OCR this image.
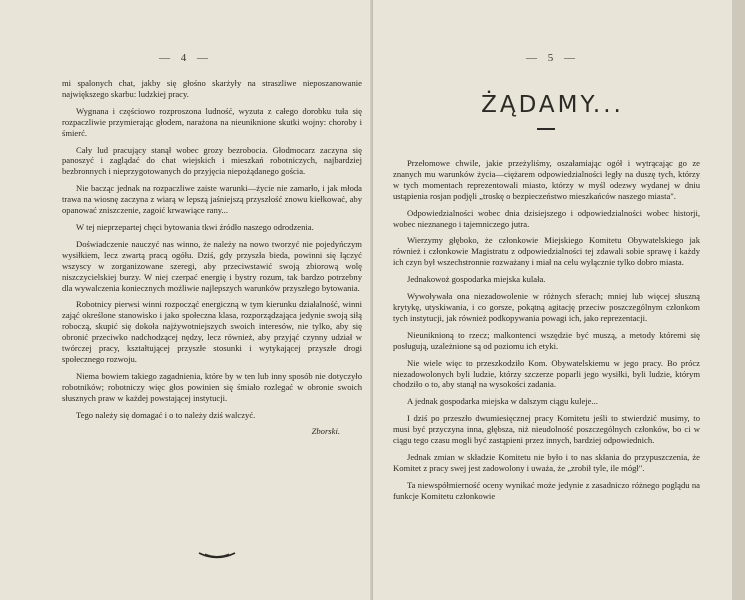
— 4 —

mi spalonych chat, jakby się głośno skarżyły na straszliwe nieposzanowanie największego skarbu: ludzkiej pracy.

Wygnana i częściowo rozproszona ludność, wyzuta z całego dorobku tuła się rozpaczliwie przymierając głodem, narażona na nieuniknione skutki wojny: choroby i śmierć.

Cały lud pracujący stanął wobec grozy bezrobocia. Głodmocarz zaczyna się panoszyć i zaglądać do chat wiejskich i mieszkań robotniczych, najbardziej bezbronnych i nieprzygotowanych do przyjęcia niepożądanego gościa.

Nie bacząc jednak na rozpaczliwe zaiste warunki—życie nie zamarło, i jak młoda trawa na wiosnę zaczyna z wiarą w lepszą jaśniejszą przyszłość znowu kiełkować, aby opanować zniszczenie, zagoić krwawiące rany...

W tej nieprzepartej chęci bytowania tkwi źródło naszego odrodzenia.

Doświadczenie nauczyć nas winno, że należy na nowo tworzyć nie pojedyńczym wysiłkiem, lecz zwartą pracą ogółu. Dziś, gdy przyszła bieda, powinni się łączyć wszyscy w zorganizowane szeregi, aby przeciwstawić swoją zbiorową wolę niszczycielskiej burzy. W niej czerpać energię i bystry rozum, tak bardzo potrzebny dla wywalczenia koniecznych możliwie najlepszych warunków przyszłego bytowania.

Robotnicy pierwsi winni rozpocząć energiczną w tym kierunku działalność, winni zająć określone stanowisko i jako społeczna klasa, rozporządzająca jedynie swoją siłą roboczą, skupić się dokoła najżywotniejszych swoich interesów, nie tylko, aby się obronić przeciwko nadchodzącej nędzy, lecz również, aby przyjąć czynny udział w twórczej pracy, kształtującej przyszłe stosunki i wytykającej przyszłe drogi społecznego rozwoju.

Niema bowiem takiego zagadnienia, które by w ten lub inny sposób nie dotyczyło robotników; robotniczy więc głos powinien się śmiało rozlegać w obronie swoich słusznych praw w każdej powstającej instytucji.

Tego należy się domagać i o to należy dziś walczyć.

Zborski.
— 5 —
ŻĄDAMY...

Przełomowe chwile, jakie przeżyliśmy, oszałamiając ogół i wytrącając go ze znanych mu warunków życia—ciężarem odpowiedzialności legły na duszę tych, którzy w tych momentach reprezentowali miasto, którzy w myśl odezwy wydanej w dniu ustąpienia rosjan podjęli „troskę o bezpieczeństwo mieszkańców naszego miasta".

Odpowiedzialności wobec dnia dzisiejszego i odpowiedzialności wobec historji, wobec nieznanego i tajemniczego jutra.

Wierzymy głęboko, że członkowie Miejskiego Komitetu Obywatelskiego jak również i członkowie Magistratu z odpowiedzialności tej zdawali sobie sprawę i każdy ich czyn był wszechstronnie rozważany i miał na celu wyłącznie tylko dobro miasta.

Jednakowoż gospodarka miejska kulała.

Wywoływała ona niezadowolenie w różnych sferach; mniej lub więcej słuszną krytykę, utyskiwania, i co gorsze, pokątną agitację przeciw poszczególnym członkom tych instytucji, jak również podkopywania powagi ich, jako reprezentacji.

Nieuniknioną to rzecz; malkontenci wszędzie być muszą, a metody któremi się posługują, uzależnione są od poziomu ich etyki.

Nie wiele więc to przeszkodziło Kom. Obywatelskiemu w jego pracy. Bo prócz niezadowolonych byli ludzie, którzy szczerze poparli jego wysiłki, byli ludzie, którym chodziło o to, aby stanął na wysokości zadania.

A jednak gospodarka miejska w dalszym ciągu kuleje...

I dziś po przeszło dwumiesięcznej pracy Komitetu jeśli to stwierdzić musimy, to musi być przyczyna inna, głębsza, niż nieudolność poszczególnych członków, bo ci w ciągu tego czasu mogli być zastąpieni przez innych, bardziej odpowiednich.

Jednak zmian w składzie Komitetu nie było i to nas skłania do przypuszczenia, że Komitet z pracy swej jest zadowolony i uważa, że „zrobił tyle, ile mógł".

Ta niewspółmierność oceny wynikać może jedynie z zasadniczo różnego poglądu na funkcje Komitetu członkowie
